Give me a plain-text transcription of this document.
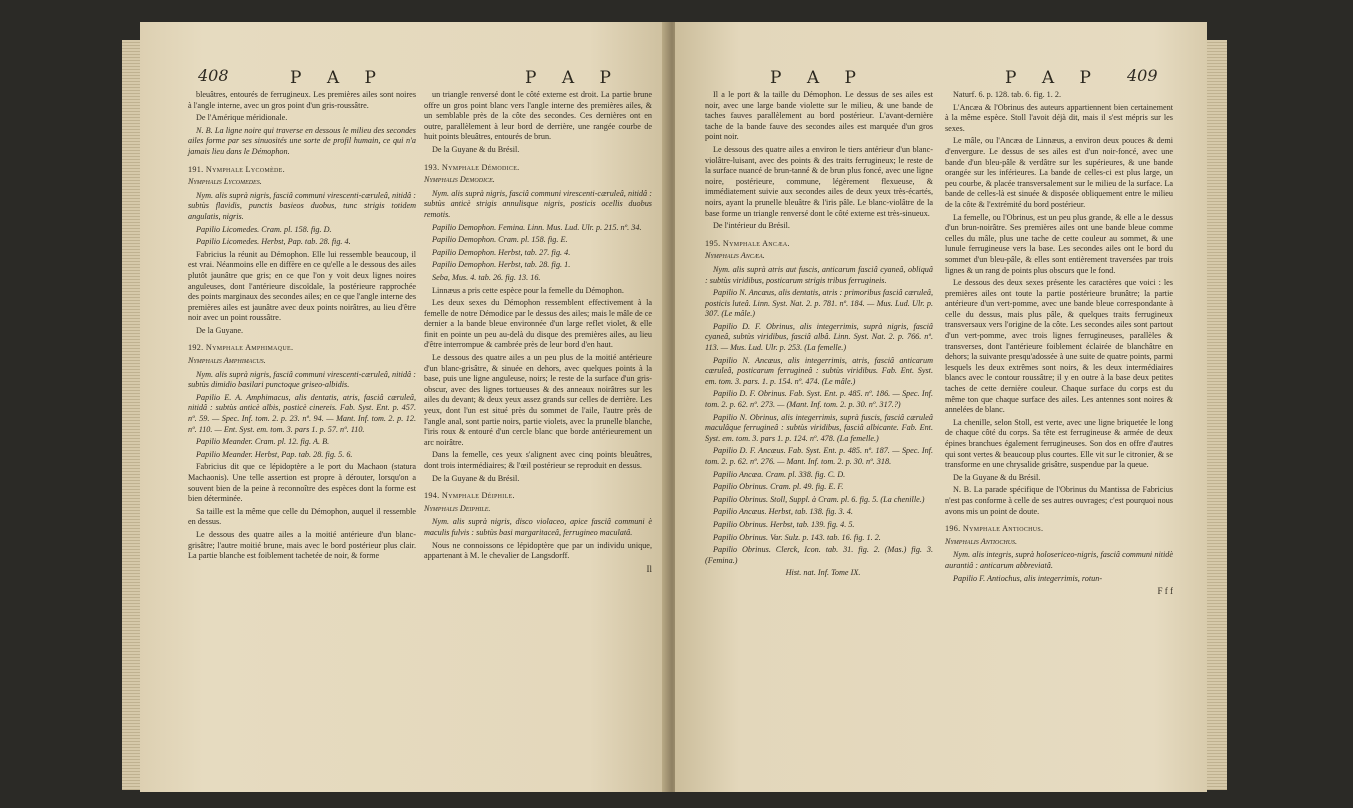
408	P A P	P A P

bleuâtres, entourés de ferrugineux. Les premières ailes sont noires à l'angle interne, avec un gros point d'un gris-roussâtre.

De l'Amérique méridionale.

N. B. La ligne noire qui traverse en dessous le milieu des secondes ailes forme par ses sinuosités une sorte de profil humain, ce qui n'a jamais lieu dans le Démophon.

191. Nymphale Lycomède.

Nymphalis Lycomedes.

Nym. alis suprà nigris, fasciâ communi virescenti-cæruleâ, nitidâ : subtùs flavidis, punctis basieos duobus, tunc strigis totidem angulatis, nigris.

Papilio Licomedes. Cram. pl. 158. fig. D.

Papilio Licomedes. Herbst, Pap. tab. 28. fig. 4.

Fabricius la réunit au Démophon. Elle lui ressemble beaucoup, il est vrai. Néanmoins elle en diffère en ce qu'elle a le dessous des ailes plutôt jaunâtre que gris; en ce que l'on y voit deux lignes noires anguleuses, dont l'antérieure discoïdale, la postérieure rapprochée des points marginaux des secondes ailes; en ce que l'angle interne des premières ailes est jaunâtre avec deux points noirâtres, au lieu d'être noir avec un point roussâtre.

De la Guyane.

192. Nymphale Amphimaque.

Nymphalis Amphimacus.

Nym. alis suprà nigris, fasciâ communi virescenti-cæruleâ, nitidâ : subtùs dimidio basilari punctoque griseo-albidis.

Papilio E. A. Amphimacus, alis dentatis, atris, fasciâ cæruleâ, nitidâ : subtùs anticè albis, posticè cinereis. Fab. Syst. Ent. p. 457. nº. 59. — Spec. Inf. tom. 2. p. 23. nº. 94. — Mant. Inf. tom. 2. p. 12. nº. 110. — Ent. Syst. em. tom. 3. pars 1. p. 57. nº. 110.

Papilio Meander. Cram. pl. 12. fig. A. B.

Papilio Meander. Herbst, Pap. tab. 28. fig. 5. 6.

Fabricius dit que ce lépidoptère a le port du Machaon (statura Machaonis). Une telle assertion est propre à dérouter, lorsqu'on a souvent bien de la peine à reconnoître des espèces dont la forme est bien déterminée.

Sa taille est la même que celle du Démophon, auquel il ressemble en dessus.

Le dessous des quatre ailes a la moitié antérieure d'un blanc-grisâtre; l'autre moitié brune, mais avec le bord postérieur plus clair. La partie blanche est foiblement tachetée de noir, & forme

un triangle renversé dont le côté externe est droit. La partie brune offre un gros point blanc vers l'angle interne des premières ailes, & un semblable près de la côte des secondes. Ces dernières ont en outre, parallèlement à leur bord de derrière, une rangée courbe de huit points bleuâtres, entourés de brun.

De la Guyane & du Brésil.

193. Nymphale Démodice.

Nymphalis Demodice.

Nym. alis suprà nigris, fasciâ communi virescenti-cæruleâ, nitidâ : subtùs anticè strigis annulisque nigris, posticis ocellis duobus remotis.

Papilio Demophon. Femina. Linn. Mus. Lud. Ulr. p. 215. nº. 34.

Papilio Demophon. Cram. pl. 158. fig. E.

Papilio Demophon. Herbst, tab. 27. fig. 4.

Papilio Demophon. Herbst, tab. 28. fig. 1.

Seba, Mus. 4. tab. 26. fig. 13. 16.

Linnæus a pris cette espèce pour la femelle du Démophon.

Les deux sexes du Démophon ressemblent effectivement à la femelle de notre Démodice par le dessus des ailes; mais le mâle de ce dernier a la bande bleue environnée d'un large reflet violet, & elle finit en pointe un peu au-delà du disque des premières ailes, au lieu d'être interrompue & cambrée près de leur bord d'en haut.

Le dessous des quatre ailes a un peu plus de la moitié antérieure d'un blanc-grisâtre, & sinuée en dehors, avec quelques points à la base, puis une ligne anguleuse, noirs; le reste de la surface d'un gris-obscur, avec des lignes tortueuses & des anneaux noirâtres sur les ailes du devant; & deux yeux assez grands sur celles de derrière. Les yeux, dont l'un est situé près du sommet de l'aile, l'autre près de l'angle anal, sont partie noirs, partie violets, avec la prunelle blanche, l'iris roux & entouré d'un cercle blanc que borde antérieurement un arc noirâtre.

Dans la femelle, ces yeux s'alignent avec cinq points bleuâtres, dont trois intermédiaires; & l'œil postérieur se reproduit en dessus.

De la Guyane & du Brésil.

194. Nymphale Déiphile.

Nymphalis Deiphile.

Nym. alis suprà nigris, disco violaceo, apice fasciâ communi è maculis fulvis : subtùs basi margaritaceâ, ferrugineo maculatâ.

Nous ne connoissons ce lépidoptère que par un individu unique, appartenant à M. le chevalier de Langsdorff.

Il
P A P	P A P 409

Il a le port & la taille du Démophon. Le dessus de ses ailes est noir, avec une large bande violette sur le milieu, & une bande de taches fauves parallèlement au bord postérieur. L'avant-dernière tache de la bande fauve des secondes ailes est marquée d'un gros point noir.

Le dessous des quatre ailes a environ le tiers antérieur d'un blanc-violâtre-luisant, avec des points & des traits ferrugineux; le reste de la surface nuancé de brun-tanné & de brun plus foncé, avec une ligne noire, postérieure, commune, légèrement flexueuse, & immédiatement suivie aux secondes ailes de deux yeux très-écartés, noirs, ayant la prunelle bleuâtre & l'iris pâle. Le blanc-violâtre de la base forme un triangle renversé dont le côté externe est très-sinueux.

De l'intérieur du Brésil.

195. Nymphale Ancæa.

Nymphalis Ancæa.

Nym. alis suprà atris aut fuscis, anticarum fasciâ cyaneâ, obliquâ : subtùs viridibus, posticarum strigis tribus ferrugineis.

Papilio N. Ancæus, alis dentatis, atris : primoribus fasciâ cæruleâ, posticis luteâ. Linn. Syst. Nat. 2. p. 781. nº. 184. — Mus. Lud. Ulr. p. 307. (Le mâle.)

Papilio D. F. Obrinus, alis integerrimis, suprà nigris, fasciâ cyaneâ, subtùs viridibus, fasciâ albâ. Linn. Syst. Nat. 2. p. 766. nº. 113. — Mus. Lud. Ulr. p. 253. (La femelle.)

Papilio N. Ancæus, alis integerrimis, atris, fasciâ anticarum cæruleâ, posticarum ferrugineâ : subtùs viridibus. Fab. Ent. Syst. em. tom. 3. pars. 1. p. 154. nº. 474. (Le mâle.)

Papilio D. F. Obrinus. Fab. Syst. Ent. p. 485. nº. 186. — Spec. Inf. tom. 2. p. 62. nº. 273. — (Mant. Inf. tom. 2. p. 30. nº. 317.?)

Papilio N. Obrinus, alis integerrimis, suprà fuscis, fasciâ cæruleâ maculâque ferrugineâ : subtùs viridibus, fasciâ albicante. Fab. Ent. Syst. em. tom. 3. pars 1. p. 124. nº. 478. (La femelle.)

Papilio D. F. Ancæus. Fab. Syst. Ent. p. 485. nº. 187. — Spec. Inf. tom. 2. p. 62. nº. 276. — Mant. Inf. tom. 2. p. 30. nº. 318.

Papilio Ancæa. Cram. pl. 338. fig. C. D.

Papilio Obrinus. Cram. pl. 49. fig. E. F.

Papilio Obrinus. Stoll, Suppl. à Cram. pl. 6. fig. 5. (La chenille.)

Papilio Ancæus. Herbst, tab. 138. fig. 3. 4.

Papilio Obrinus. Herbst, tab. 139. fig. 4. 5.

Papilio Obrinus. Var. Sulz. p. 143. tab. 16. fig. 1. 2.

Papilio Obrinus. Clerck, Icon. tab. 31. fig. 2. (Mas.) fig. 3. (Femina.)

Hist. nat. Inf. Tome IX.

Naturf. 6. p. 128. tab. 6. fig. 1. 2.

L'Ancæa & l'Obrinus des auteurs appartiennent bien certainement à la même espèce. Stoll l'avoit déjà dit, mais il s'est mépris sur les sexes.

Le mâle, ou l'Ancæa de Linnæus, a environ deux pouces & demi d'envergure. Le dessus de ses ailes est d'un noir-foncé, avec une bande d'un bleu-pâle & verdâtre sur les supérieures, & une bande orangée sur les inférieures. La bande de celles-ci est plus large, un peu courbe, & placée transversalement sur le milieu de la surface. La bande de celles-là est sinuée & disposée obliquement entre le milieu de la côte & l'extrémité du bord postérieur.

La femelle, ou l'Obrinus, est un peu plus grande, & elle a le dessus d'un brun-noirâtre. Ses premières ailes ont une bande bleue comme celles du mâle, plus une tache de cette couleur au sommet, & une lunule ferrugineuse vers la base. Les secondes ailes ont le bord du sommet d'un bleu-pâle, & elles sont entièrement traversées par trois lignes & un rang de points plus obscurs que le fond.

Le dessous des deux sexes présente les caractères que voici : les premières ailes ont toute la partie postérieure brunâtre; la partie antérieure d'un vert-pomme, avec une bande bleue correspondante à celle du dessus, mais plus pâle, & quelques traits ferrugineux transversaux vers l'origine de la côte. Les secondes ailes sont partout d'un vert-pomme, avec trois lignes ferrugineuses, parallèles & transverses, dont l'antérieure foiblement éclairée de blanchâtre en dehors; la suivante presqu'adossée à une suite de quatre points, parmi lesquels les deux extrêmes sont noirs, & les deux intermédiaires blancs avec le contour roussâtre; il y en outre à la base deux petites taches de cette dernière couleur. Chaque surface du corps est du même ton que chaque surface des ailes. Les antennes sont noires & annelées de blanc.

La chenille, selon Stoll, est verte, avec une ligne briquetée le long de chaque côté du corps. Sa tête est ferrugineuse & armée de deux épines branchues également ferrugineuses. Son dos en offre d'autres qui sont vertes & beaucoup plus courtes. Elle vit sur le citronier, & se transforme en une chrysalide grisâtre, suspendue par la queue.

De la Guyane & du Brésil.

N. B. La parade spécifique de l'Obrinus du Mantissa de Fabricius n'est pas conforme à celle de ses autres ouvrages; c'est pourquoi nous avons mis un point de doute.

196. Nymphale Antiochus.

Nymphalis Antiochus.

Nym. alis integris, suprà holosericeo-nigris, fasciâ communi nitidè aurantiâ : anticarum abbreviatâ.

Papilio F. Antiochus, alis integerrimis, rotun-

F f f
